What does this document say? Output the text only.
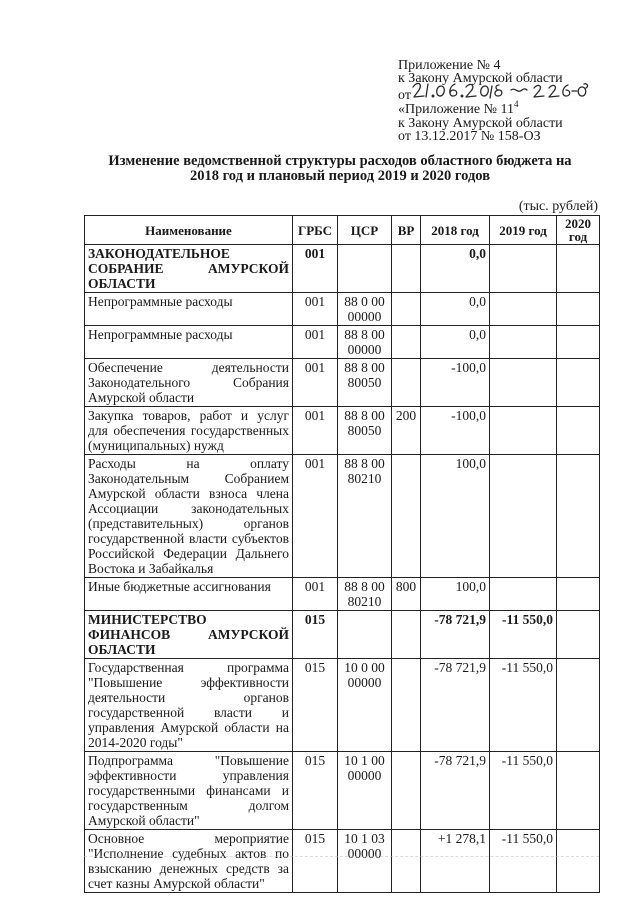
Приложение № 4
к Закону Амурской области
от
«Приложение № $11^4$
к Закону Амурской области
от 13.12.2017 № 158-ОЗ
Изменение ведомственной структуры расходов областного бюджета на
2018 год и плановый период 2019 и 2020 годов
(тыс. рублей)
Наименование	ГРБС	ЦСР	ВР	2018 год	2019 год	2020 год
ЗАКОНОДАТЕЛЬНОЕ СОБРАНИЕ АМУРСКОЙ ОБЛАСТИ	001			0,0		
Непрограммные расходы	001	88 0 00 00000		0,0		
Непрограммные расходы	001	88 8 00 00000		0,0		
Обеспечение деятельности Законодательного Собрания Амурской области	001	88 8 00 80050		-100,0		
Закупка товаров, работ и услуг для обеспечения государственных (муниципальных) нужд	001	88 8 00 80050	200	-100,0		
Расходы на оплату Законодательным Собранием Амурской области взноса члена Ассоциации законодательных (представительных) органов государственной власти субъектов Российской Федерации Дальнего Востока и Забайкалья	001	88 8 00 80210		100,0		
Иные бюджетные ассигнования	001	88 8 00 80210	800	100,0		
МИНИСТЕРСТВО ФИНАНСОВ АМУРСКОЙ ОБЛАСТИ	015			-78 721,9	-11 550,0	
Государственная программа "Повышение эффективности деятельности органов государственной власти и управления Амурской области на 2014-2020 годы"	015	10 0 00 00000		-78 721,9	-11 550,0	
Подпрограмма "Повышение эффективности управления государственными финансами и государственным долгом Амурской области"	015	10 1 00 00000		-78 721,9	-11 550,0	
Основное мероприятие "Исполнение судебных актов по взысканию денежных средств за счет казны Амурской области"	015	10 1 03 00000		+1 278,1	-11 550,0	
